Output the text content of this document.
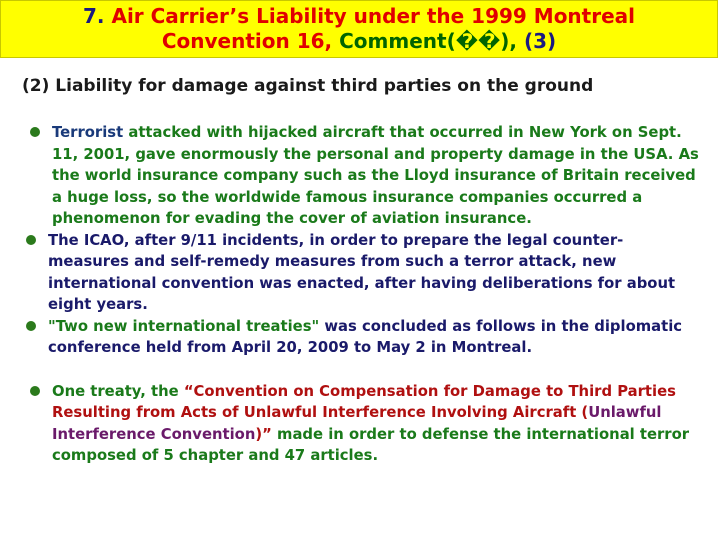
7. Air Carrier’s Liability under the 1999 Montreal
Convention 16, Comment(��), (3)
(2) Liability for damage against third parties on the ground
Terrorist attacked with hijacked aircraft that occurred in New York on Sept. 11, 2001, gave enormously the personal and property damage in the USA. As the world insurance company such as the Lloyd insurance of Britain received a huge loss, so the worldwide famous insurance companies occurred a phenomenon for evading the cover of aviation insurance.
The ICAO, after 9/11 incidents, in order to prepare the legal counter-measures and self-remedy measures from such a terror attack, new international convention was enacted, after having deliberations for about eight years.
"Two new international treaties" was concluded as follows in the diplomatic conference held from April 20, 2009 to May 2 in Montreal.
One treaty, the “Convention on Compensation for Damage to Third Parties Resulting from Acts of Unlawful Interference Involving Aircraft (Unlawful Interference Convention)” made in order to defense the international terror composed of 5 chapter and 47 articles.
